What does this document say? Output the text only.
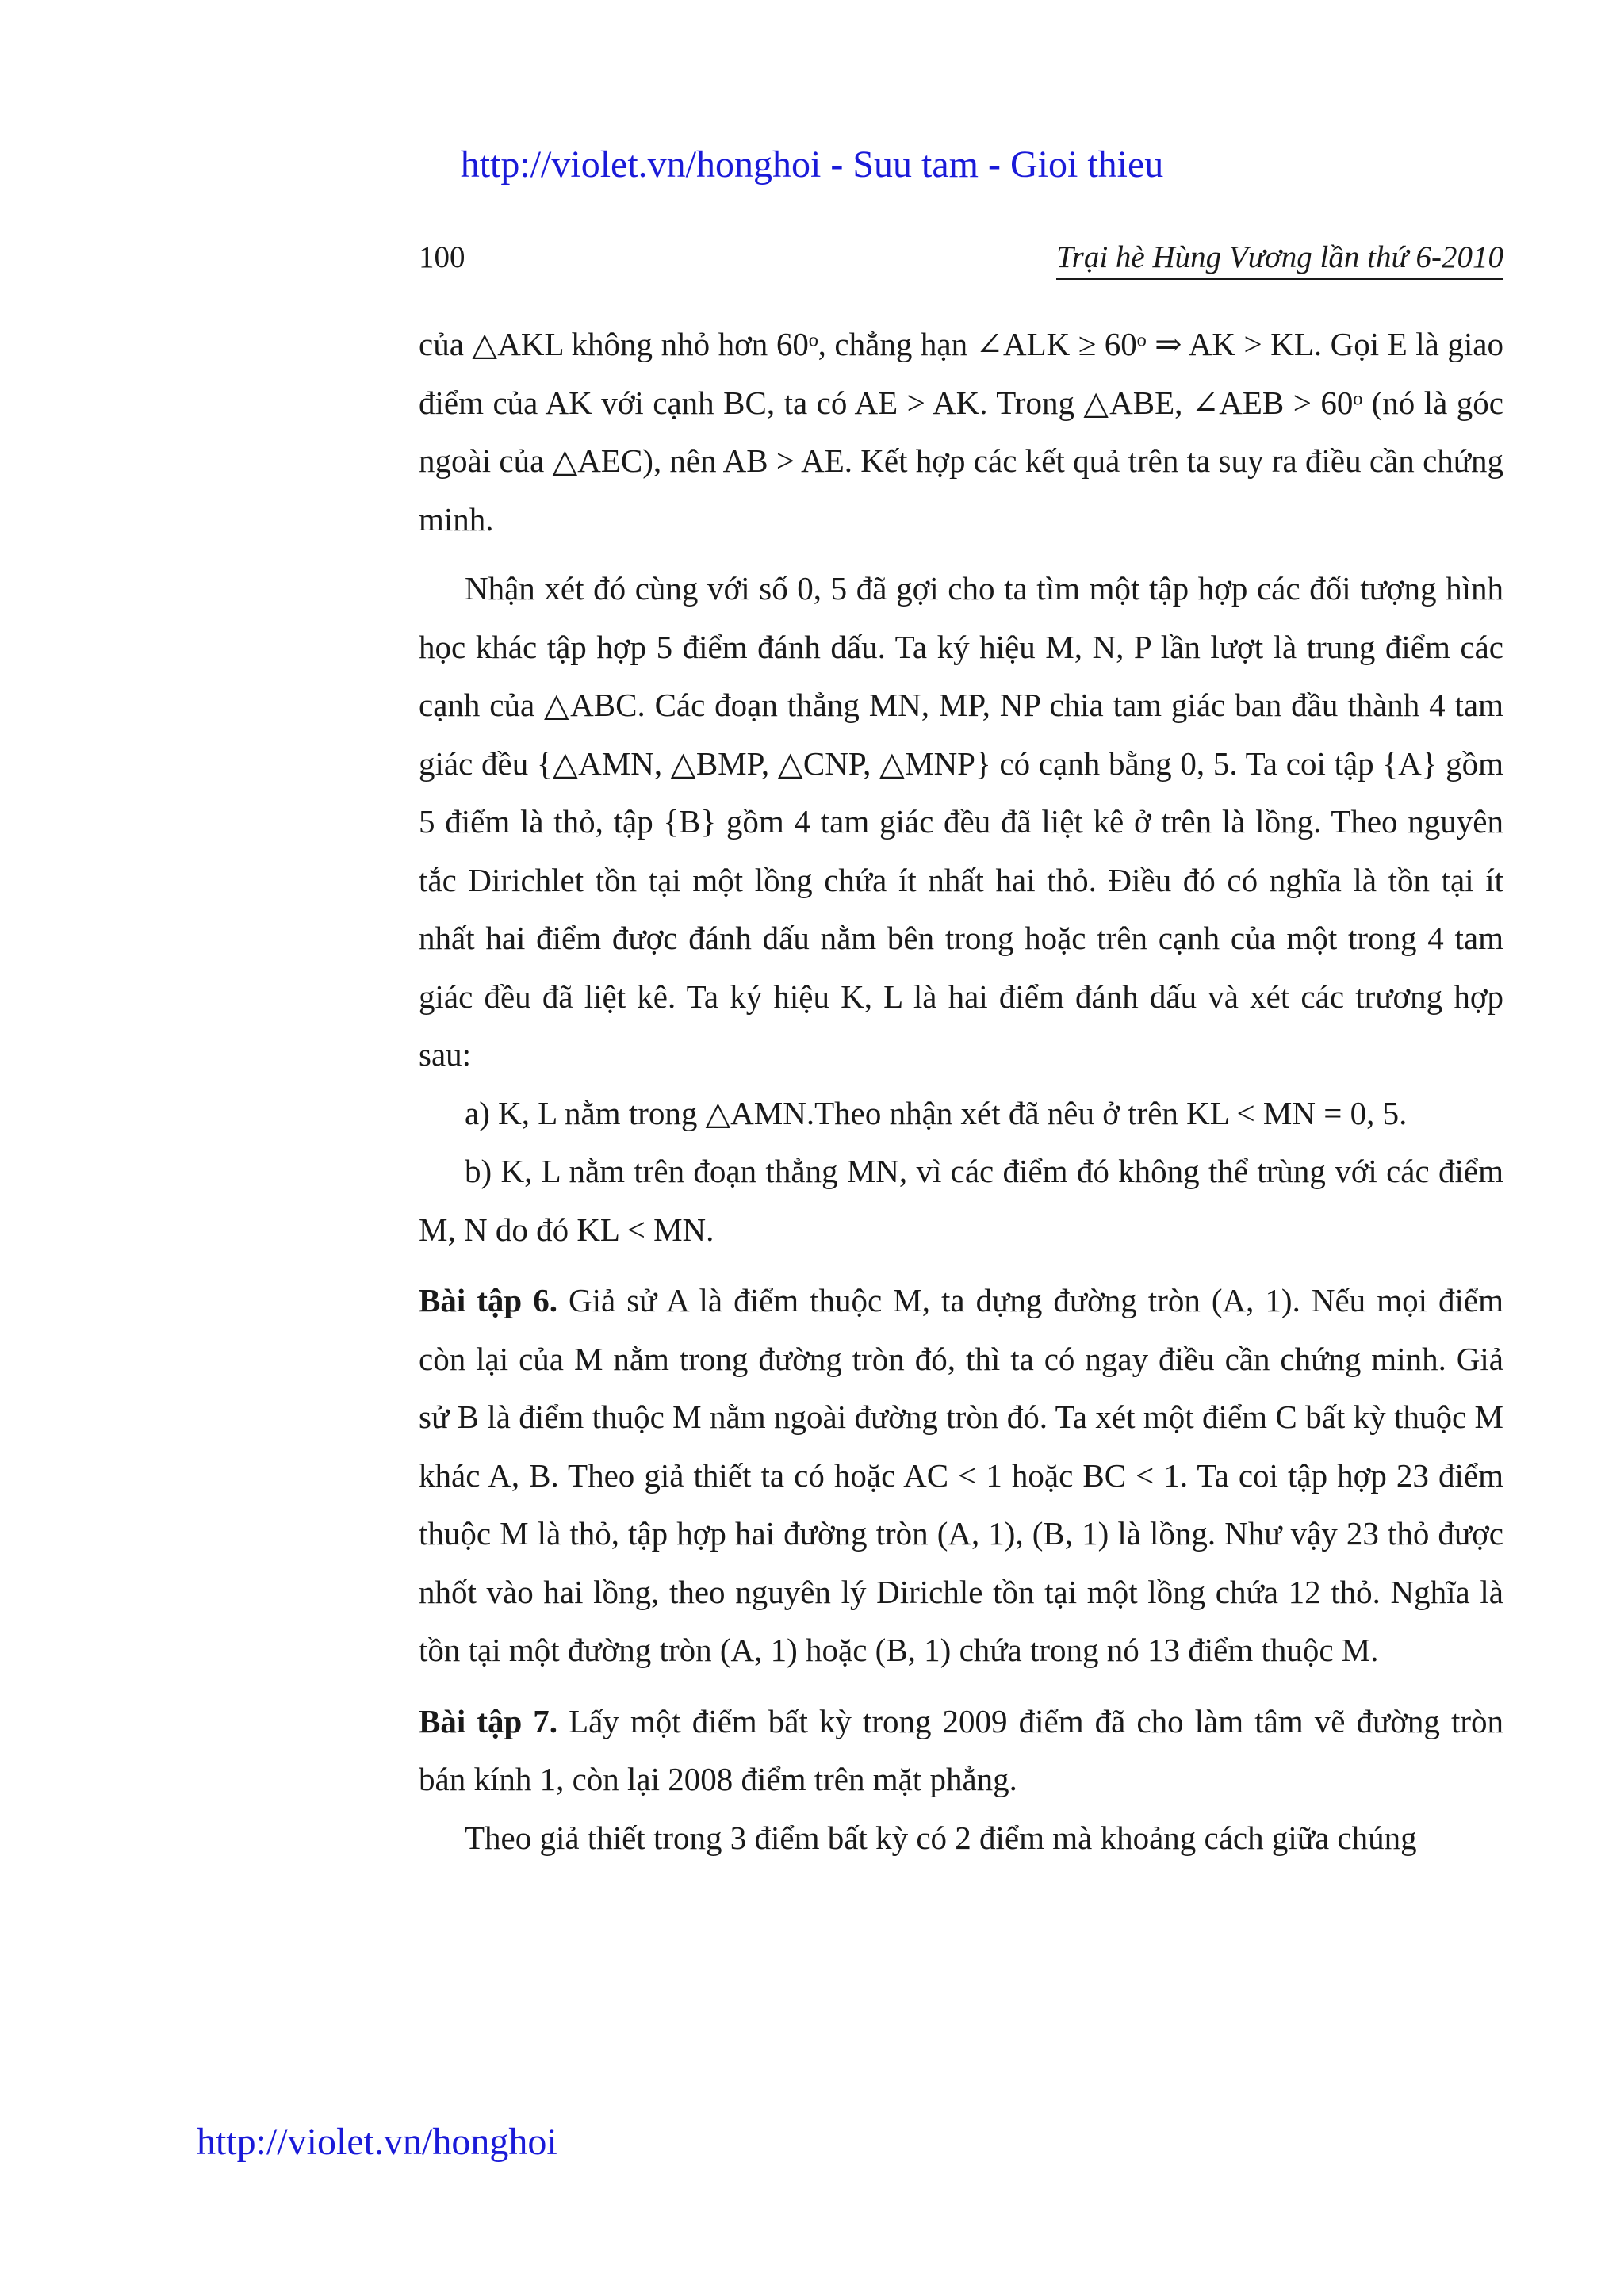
http://violet.vn/honghoi - Suu tam - Gioi thieu
100	Trại hè Hùng Vương lần thứ 6-2010

của △AKL không nhỏ hơn 60ᵒ, chẳng hạn ∠ALK ≥ 60ᵒ ⇒ AK > KL. Gọi E là giao điểm của AK với cạnh BC, ta có AE > AK. Trong △ABE, ∠AEB > 60ᵒ (nó là góc ngoài của △AEC), nên AB > AE. Kết hợp các kết quả trên ta suy ra điều cần chứng minh.

Nhận xét đó cùng với số 0, 5 đã gợi cho ta tìm một tập hợp các đối tượng hình học khác tập hợp 5 điểm đánh dấu. Ta ký hiệu M, N, P lần lượt là trung điểm các cạnh của △ABC. Các đoạn thẳng MN, MP, NP chia tam giác ban đầu thành 4 tam giác đều {△AMN, △BMP, △CNP, △MNP} có cạnh bằng 0, 5. Ta coi tập {A} gồm 5 điểm là thỏ, tập {B} gồm 4 tam giác đều đã liệt kê ở trên là lồng. Theo nguyên tắc Dirichlet tồn tại một lồng chứa ít nhất hai thỏ. Điều đó có nghĩa là tồn tại ít nhất hai điểm được đánh dấu nằm bên trong hoặc trên cạnh của một trong 4 tam giác đều đã liệt kê. Ta ký hiệu K, L là hai điểm đánh dấu và xét các trương hợp sau:

a) K, L nằm trong △AMN.Theo nhận xét đã nêu ở trên KL < MN = 0, 5.

b) K, L nằm trên đoạn thẳng MN, vì các điểm đó không thể trùng với các điểm M, N do đó KL < MN.

Bài tập 6. Giả sử A là điểm thuộc M, ta dựng đường tròn (A, 1). Nếu mọi điểm còn lại của M nằm trong đường tròn đó, thì ta có ngay điều cần chứng minh. Giả sử B là điểm thuộc M nằm ngoài đường tròn đó. Ta xét một điểm C bất kỳ thuộc M khác A, B. Theo giả thiết ta có hoặc AC < 1 hoặc BC < 1. Ta coi tập hợp 23 điểm thuộc M là thỏ, tập hợp hai đường tròn (A, 1), (B, 1) là lồng. Như vậy 23 thỏ được nhốt vào hai lồng, theo nguyên lý Dirichle tồn tại một lồng chứa 12 thỏ. Nghĩa là tồn tại một đường tròn (A, 1) hoặc (B, 1) chứa trong nó 13 điểm thuộc M.

Bài tập 7. Lấy một điểm bất kỳ trong 2009 điểm đã cho làm tâm vẽ đường tròn bán kính 1, còn lại 2008 điểm trên mặt phẳng.

Theo giả thiết trong 3 điểm bất kỳ có 2 điểm mà khoảng cách giữa chúng

http://violet.vn/honghoi
